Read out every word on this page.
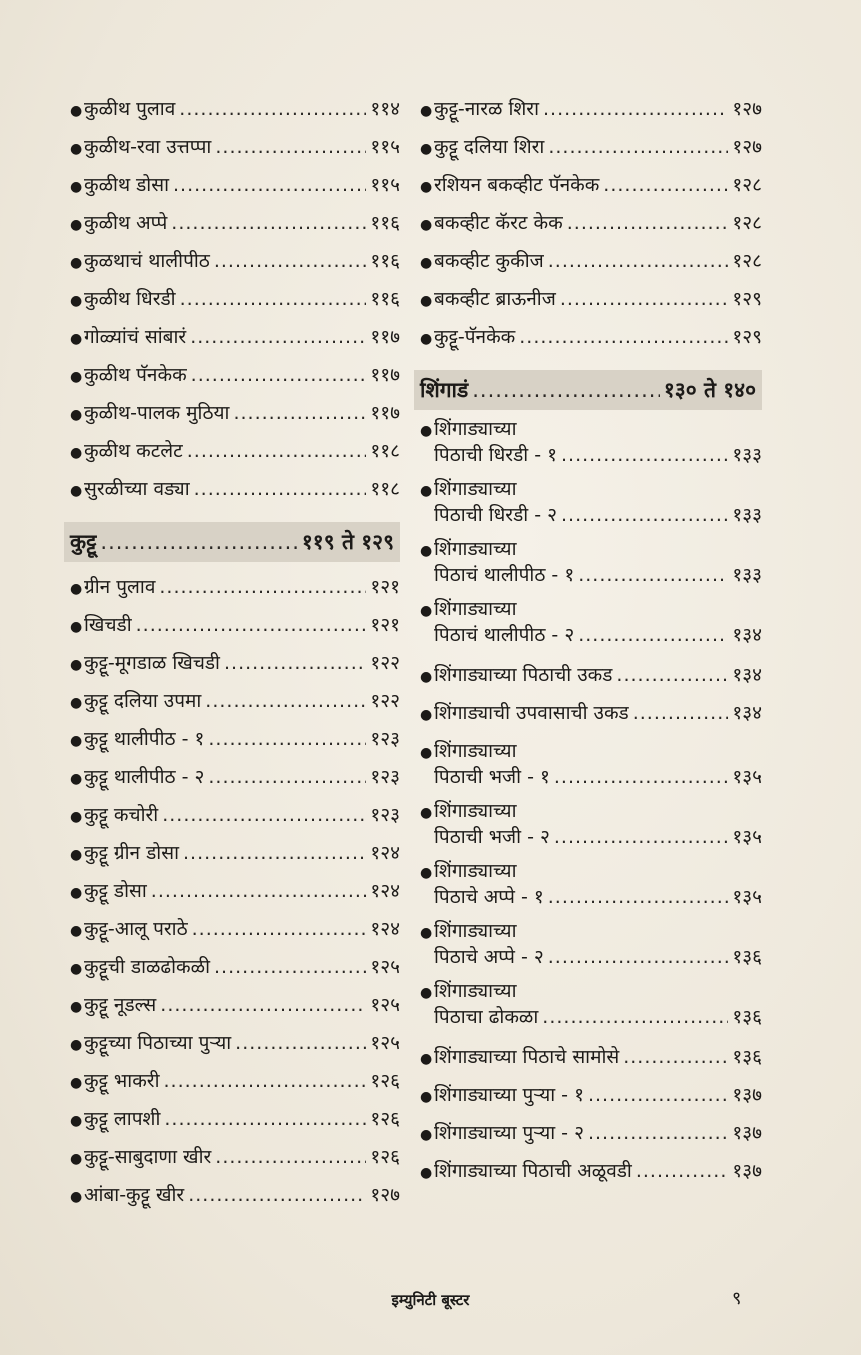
● कुळीथ पुलाव .....	११४
● कुळीथ-रवा उत्तप्पा .....	११५
● कुळीथ डोसा .....	११५
● कुळीथ अप्पे .....	११६
● कुळथाचं थालीपीठ .....	११६
● कुळीथ धिरडी .....	११६
● गोळ्यांचं सांबारं .....	११७
● कुळीथ पॅनकेक .....	११७
● कुळीथ-पालक मुठिया .....	११७
● कुळीथ कटलेट .....	११८
● सुरळीच्या वड्या .....	११८
कुट्टू .....	११९ ते १२९
● ग्रीन पुलाव .....	१२१
● खिचडी .....	१२१
● कुट्टू-मूगडाळ खिचडी .....	१२२
● कुट्टू दलिया उपमा .....	१२२
● कुट्टू थालीपीठ - १ .....	१२३
● कुट्टू थालीपीठ - २ .....	१२३
● कुट्टू कचोरी .....	१२३
● कुट्टू ग्रीन डोसा .....	१२४
● कुट्टू डोसा .....	१२४
● कुट्टू-आलू पराठे .....	१२४
● कुट्टूची डाळढोकळी .....	१२५
● कुट्टू नूडल्स .....	१२५
● कुट्टूच्या पिठाच्या पुऱ्या .....	१२५
● कुट्टू भाकरी .....	१२६
● कुट्टू लापशी .....	१२६
● कुट्टू-साबुदाणा खीर .....	१२६
● आंबा-कुट्टू खीर .....	१२७
● कुट्टू-नारळ शिरा .....	१२७
● कुट्टू दलिया शिरा .....	१२७
● रशियन बकव्हीट पॅनकेक .....	१२८
● बकव्हीट कॅरट केक .....	१२८
● बकव्हीट कुकीज .....	१२८
● बकव्हीट ब्राऊनीज .....	१२९
● कुट्टू-पॅनकेक .....	१२९
शिंगाडं .....	१३० ते १४०
● शिंगाड्याच्या
पिठाची धिरडी - १ .....	१३३
● शिंगाड्याच्या
पिठाची धिरडी - २ .....	१३३
● शिंगाड्याच्या
पिठाचं थालीपीठ - १ .....	१३३
● शिंगाड्याच्या
पिठाचं थालीपीठ - २ .....	१३४
● शिंगाड्याच्या पिठाची उकड .....	१३४
● शिंगाड्याची उपवासाची उकड .....	१३४
● शिंगाड्याच्या
पिठाची भजी - १ .....	१३५
● शिंगाड्याच्या
पिठाची भजी - २ .....	१३५
● शिंगाड्याच्या
पिठाचे अप्पे - १ .....	१३५
● शिंगाड्याच्या
पिठाचे अप्पे - २ .....	१३६
● शिंगाड्याच्या
पिठाचा ढोकळा .....	१३६
● शिंगाड्याच्या पिठाचे सामोसे .....	१३६
● शिंगाड्याच्या पुऱ्या - १ .....	१३७
● शिंगाड्याच्या पुऱ्या - २ .....	१३७
● शिंगाड्याच्या पिठाची अळूवडी .....	१३७
इम्युनिटी बूस्टर	९
